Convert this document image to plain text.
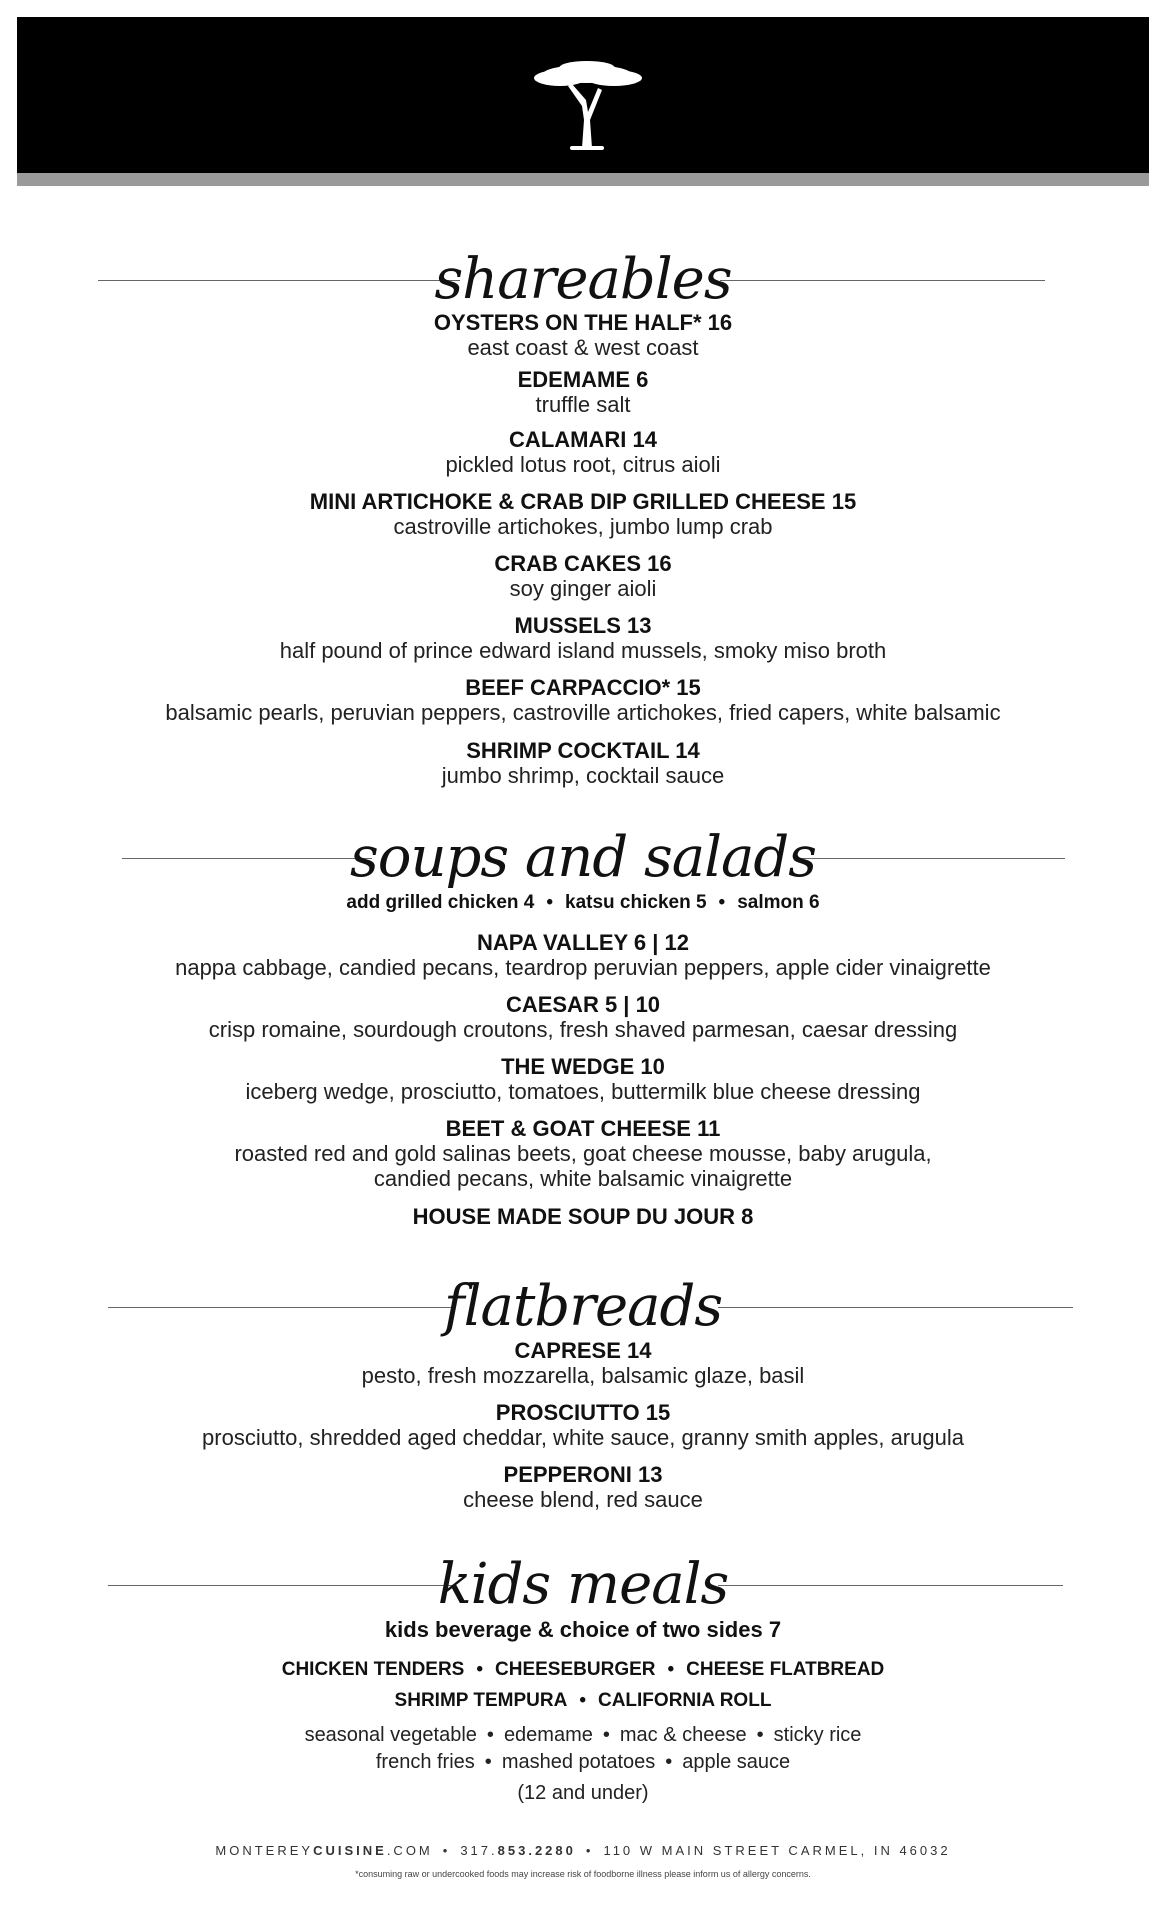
shareables
OYSTERS ON THE HALF* 16
east coast & west coast
EDEMAME 6
truffle salt
CALAMARI 14
pickled lotus root, citrus aioli
MINI ARTICHOKE & CRAB DIP GRILLED CHEESE 15
castroville artichokes, jumbo lump crab
CRAB CAKES 16
soy ginger aioli
MUSSELS 13
half pound of prince edward island mussels, smoky miso broth
BEEF CARPACCIO* 15
balsamic pearls, peruvian peppers, castroville artichokes, fried capers, white balsamic
SHRIMP COCKTAIL 14
jumbo shrimp, cocktail sauce
soups and salads
add grilled chicken 4 • katsu chicken 5 • salmon 6
NAPA VALLEY 6 | 12
nappa cabbage, candied pecans, teardrop peruvian peppers, apple cider vinaigrette
CAESAR 5 | 10
crisp romaine, sourdough croutons, fresh shaved parmesan, caesar dressing
THE WEDGE 10
iceberg wedge, prosciutto, tomatoes, buttermilk blue cheese dressing
BEET & GOAT CHEESE 11
roasted red and gold salinas beets, goat cheese mousse, baby arugula,
candied pecans, white balsamic vinaigrette
HOUSE MADE SOUP DU JOUR 8
flatbreads
CAPRESE 14
pesto, fresh mozzarella, balsamic glaze, basil
PROSCIUTTO 15
prosciutto, shredded aged cheddar, white sauce, granny smith apples, arugula
PEPPERONI 13
cheese blend, red sauce
kids meals
kids beverage & choice of two sides 7
CHICKEN TENDERS • CHEESEBURGER • CHEESE FLATBREAD
SHRIMP TEMPURA • CALIFORNIA ROLL
seasonal vegetable • edemame • mac & cheese • sticky rice
french fries • mashed potatoes • apple sauce
(12 and under)
MONTEREYCUISINE.COM • 317.853.2280 • 110 W MAIN STREET CARMEL, IN 46032
*consuming raw or undercooked foods may increase risk of foodborne illness please inform us of allergy concerns.
